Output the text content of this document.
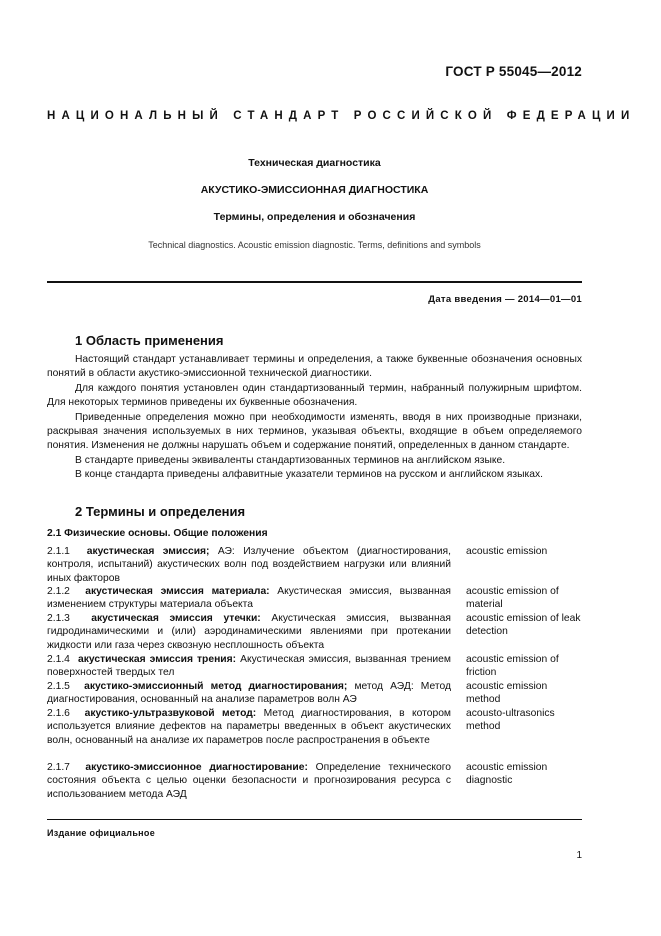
ГОСТ Р 55045—2012
НАЦИОНАЛЬНЫЙ СТАНДАРТ РОССИЙСКОЙ ФЕДЕРАЦИИ
Техническая диагностика
АКУСТИКО-ЭМИССИОННАЯ ДИАГНОСТИКА
Термины, определения и обозначения
Technical diagnostics. Acoustic emission diagnostic. Terms, definitions and symbols
Дата введения — 2014—01—01
1 Область применения

Настоящий стандарт устанавливает термины и определения, а также буквенные обозначения основных понятий в области акустико-эмиссионной технической диагностики.

Для каждого понятия установлен один стандартизованный термин, набранный полужирным шрифтом. Для некоторых терминов приведены их буквенные обозначения.

Приведенные определения можно при необходимости изменять, вводя в них производные признаки, раскрывая значения используемых в них терминов, указывая объекты, входящие в объем определяемого понятия. Изменения не должны нарушать объем и содержание понятий, определенных в данном стандарте.

В стандарте приведены эквиваленты стандартизованных терминов на английском языке.

В конце стандарта приведены алфавитные указатели терминов на русском и английском языках.

2 Термины и определения
2.1 Физические основы. Общие положения
2.1.1 акустическая эмиссия; АЭ: Излучение объектом (диагностирования, контроля, испытаний) акустических волн под воздействием нагрузки или влияний иных факторов
acoustic emission
2.1.2 акустическая эмиссия материала: Акустическая эмиссия, вызванная изменением структуры материала объекта
acoustic emission of material
2.1.3 акустическая эмиссия утечки: Акустическая эмиссия, вызванная гидродинамическими и (или) аэродинамическими явлениями при протекании жидкости или газа через сквозную несплошность объекта
acoustic emission of leak detection
2.1.4 акустическая эмиссия трения: Акустическая эмиссия, вызванная трением поверхностей твердых тел
acoustic emission of friction
2.1.5 акустико-эмиссионный метод диагностирования; метод АЭД: Метод диагностирования, основанный на анализе параметров волн АЭ
acoustic emission method
2.1.6 акустико-ультразвуковой метод: Метод диагностирования, в котором используется влияние дефектов на параметры введенных в объект акустических волн, основанный на анализе их параметров после распространения в объекте
acousto-ultrasonics method
2.1.7 акустико-эмиссионное диагностирование: Определение технического состояния объекта с целью оценки безопасности и прогнозирования ресурса с использованием метода АЭД
acoustic emission diagnostic
Издание официальное
1
